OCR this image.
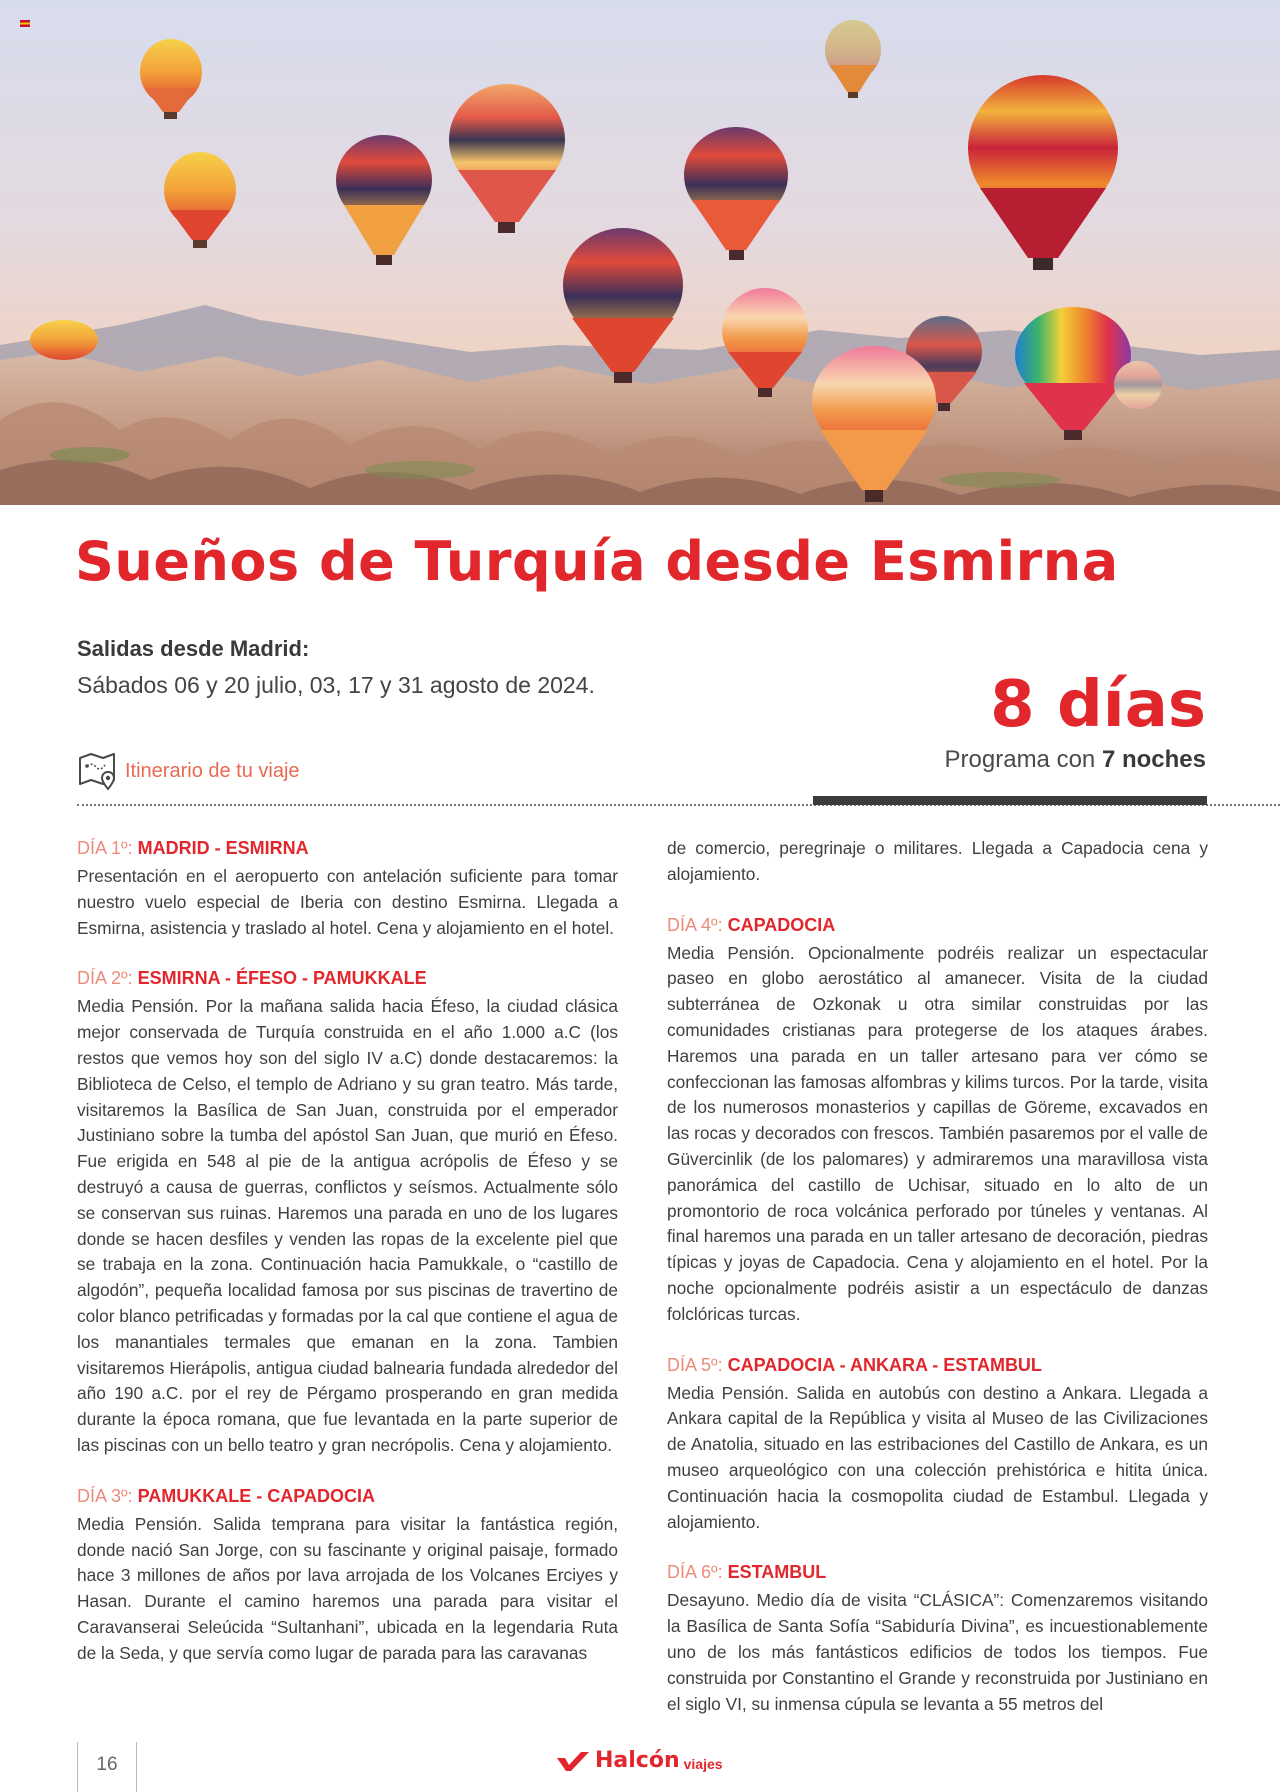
Sueños de Turquía desde Esmirna
Salidas desde Madrid:
Sábados 06 y 20 julio, 03, 17 y 31 agosto de 2024.	8 días
Programa con 7 noches
Itinerario de tu viaje
DÍA 1º: MADRID - ESMIRNA

Presentación en el aeropuerto con antelación suficiente para tomar nuestro vuelo especial de Iberia con destino Esmirna. Llegada a Esmirna, asistencia y traslado al hotel. Cena y alojamiento en el hotel.

DÍA 2º: ESMIRNA - ÉFESO - PAMUKKALE

Media Pensión. Por la mañana salida hacia Éfeso, la ciudad clásica mejor conservada de Turquía construida en el año 1.000 a.C (los restos que vemos hoy son del siglo IV a.C) donde destacaremos: la Biblioteca de Celso, el templo de Adriano y su gran teatro. Más tarde, visitaremos la Basílica de San Juan, construida por el emperador Justiniano sobre la tumba del apóstol San Juan, que murió en Éfeso. Fue erigida en 548 al pie de la antigua acrópolis de Éfeso y se destruyó a causa de guerras, conflictos y seísmos. Actualmente sólo se conservan sus ruinas. Haremos una parada en uno de los lugares donde se hacen desfiles y venden las ropas de la excelente piel que se trabaja en la zona. Continuación hacia Pamukkale, o “castillo de algodón”, pequeña localidad famosa por sus piscinas de travertino de color blanco petrificadas y formadas por la cal que contiene el agua de los manantiales termales que emanan en la zona. Tambien visitaremos Hierápolis, antigua ciudad balnearia fundada alrededor del año 190 a.C. por el rey de Pérgamo prosperando en gran medida durante la época romana, que fue levantada en la parte superior de las piscinas con un bello teatro y gran necrópolis. Cena y alojamiento.

DÍA 3º: PAMUKKALE - CAPADOCIA

Media Pensión. Salida temprana para visitar la fantástica región, donde nació San Jorge, con su fascinante y original paisaje, formado hace 3 millones de años por lava arrojada de los Volcanes Erciyes y Hasan. Durante el camino haremos una parada para visitar el Caravanserai Seleúcida “Sultanhani”, ubicada en la legendaria Ruta de la Seda, y que servía como lugar de parada para las caravanas

de comercio, peregrinaje o militares. Llegada a Capadocia cena y alojamiento.

DÍA 4º: CAPADOCIA

Media Pensión. Opcionalmente podréis realizar un espectacular paseo en globo aerostático al amanecer. Visita de la ciudad subterránea de Ozkonak u otra similar construidas por las comunidades cristianas para protegerse de los ataques árabes. Haremos una parada en un taller artesano para ver cómo se confeccionan las famosas alfombras y kilims turcos. Por la tarde, visita de los numerosos monasterios y capillas de Göreme, excavados en las rocas y decorados con frescos. También pasaremos por el valle de Güvercinlik (de los palomares) y admiraremos una maravillosa vista panorámica del castillo de Uchisar, situado en lo alto de un promontorio de roca volcánica perforado por túneles y ventanas. Al final haremos una parada en un taller artesano de decoración, piedras típicas y joyas de Capadocia. Cena y alojamiento en el hotel. Por la noche opcionalmente podréis asistir a un espectáculo de danzas folclóricas turcas.

DÍA 5º: CAPADOCIA - ANKARA - ESTAMBUL

Media Pensión. Salida en autobús con destino a Ankara. Llegada a Ankara capital de la República y visita al Museo de las Civilizaciones de Anatolia, situado en las estribaciones del Castillo de Ankara, es un museo arqueológico con una colección prehistórica e hitita única. Continuación hacia la cosmopolita ciudad de Estambul. Llegada y alojamiento.

DÍA 6º: ESTAMBUL

Desayuno. Medio día de visita “CLÁSICA”: Comenzaremos visitando la Basílica de Santa Sofía “Sabiduría Divina”, es incuestionablemente uno de los más fantásticos edificios de todos los tiempos. Fue construida por Constantino el Grande y reconstruida por Justiniano en el siglo VI, su inmensa cúpula se levanta a 55 metros del

16	Halcón viajes
